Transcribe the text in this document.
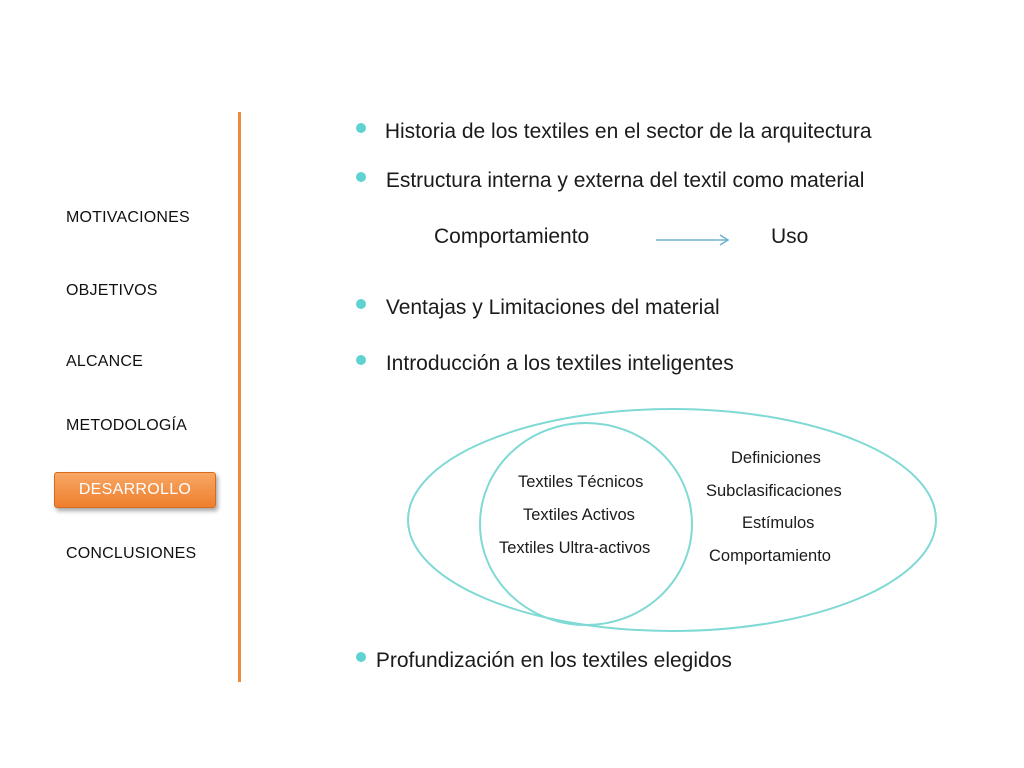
MOTIVACIONES
OBJETIVOS
ALCANCE
METODOLOGÍA
DESARROLLO
CONCLUSIONES
Historia de los textiles en el sector de la arquitectura
Estructura interna y externa del textil como material
Comportamiento	Uso
Ventajas y Limitaciones del material
Introducción a los textiles inteligentes
Textiles Técnicos
Textiles Activos
Textiles Ultra-activos
Definiciones
Subclasificaciones
Estímulos
Comportamiento
Profundización en los textiles elegidos
